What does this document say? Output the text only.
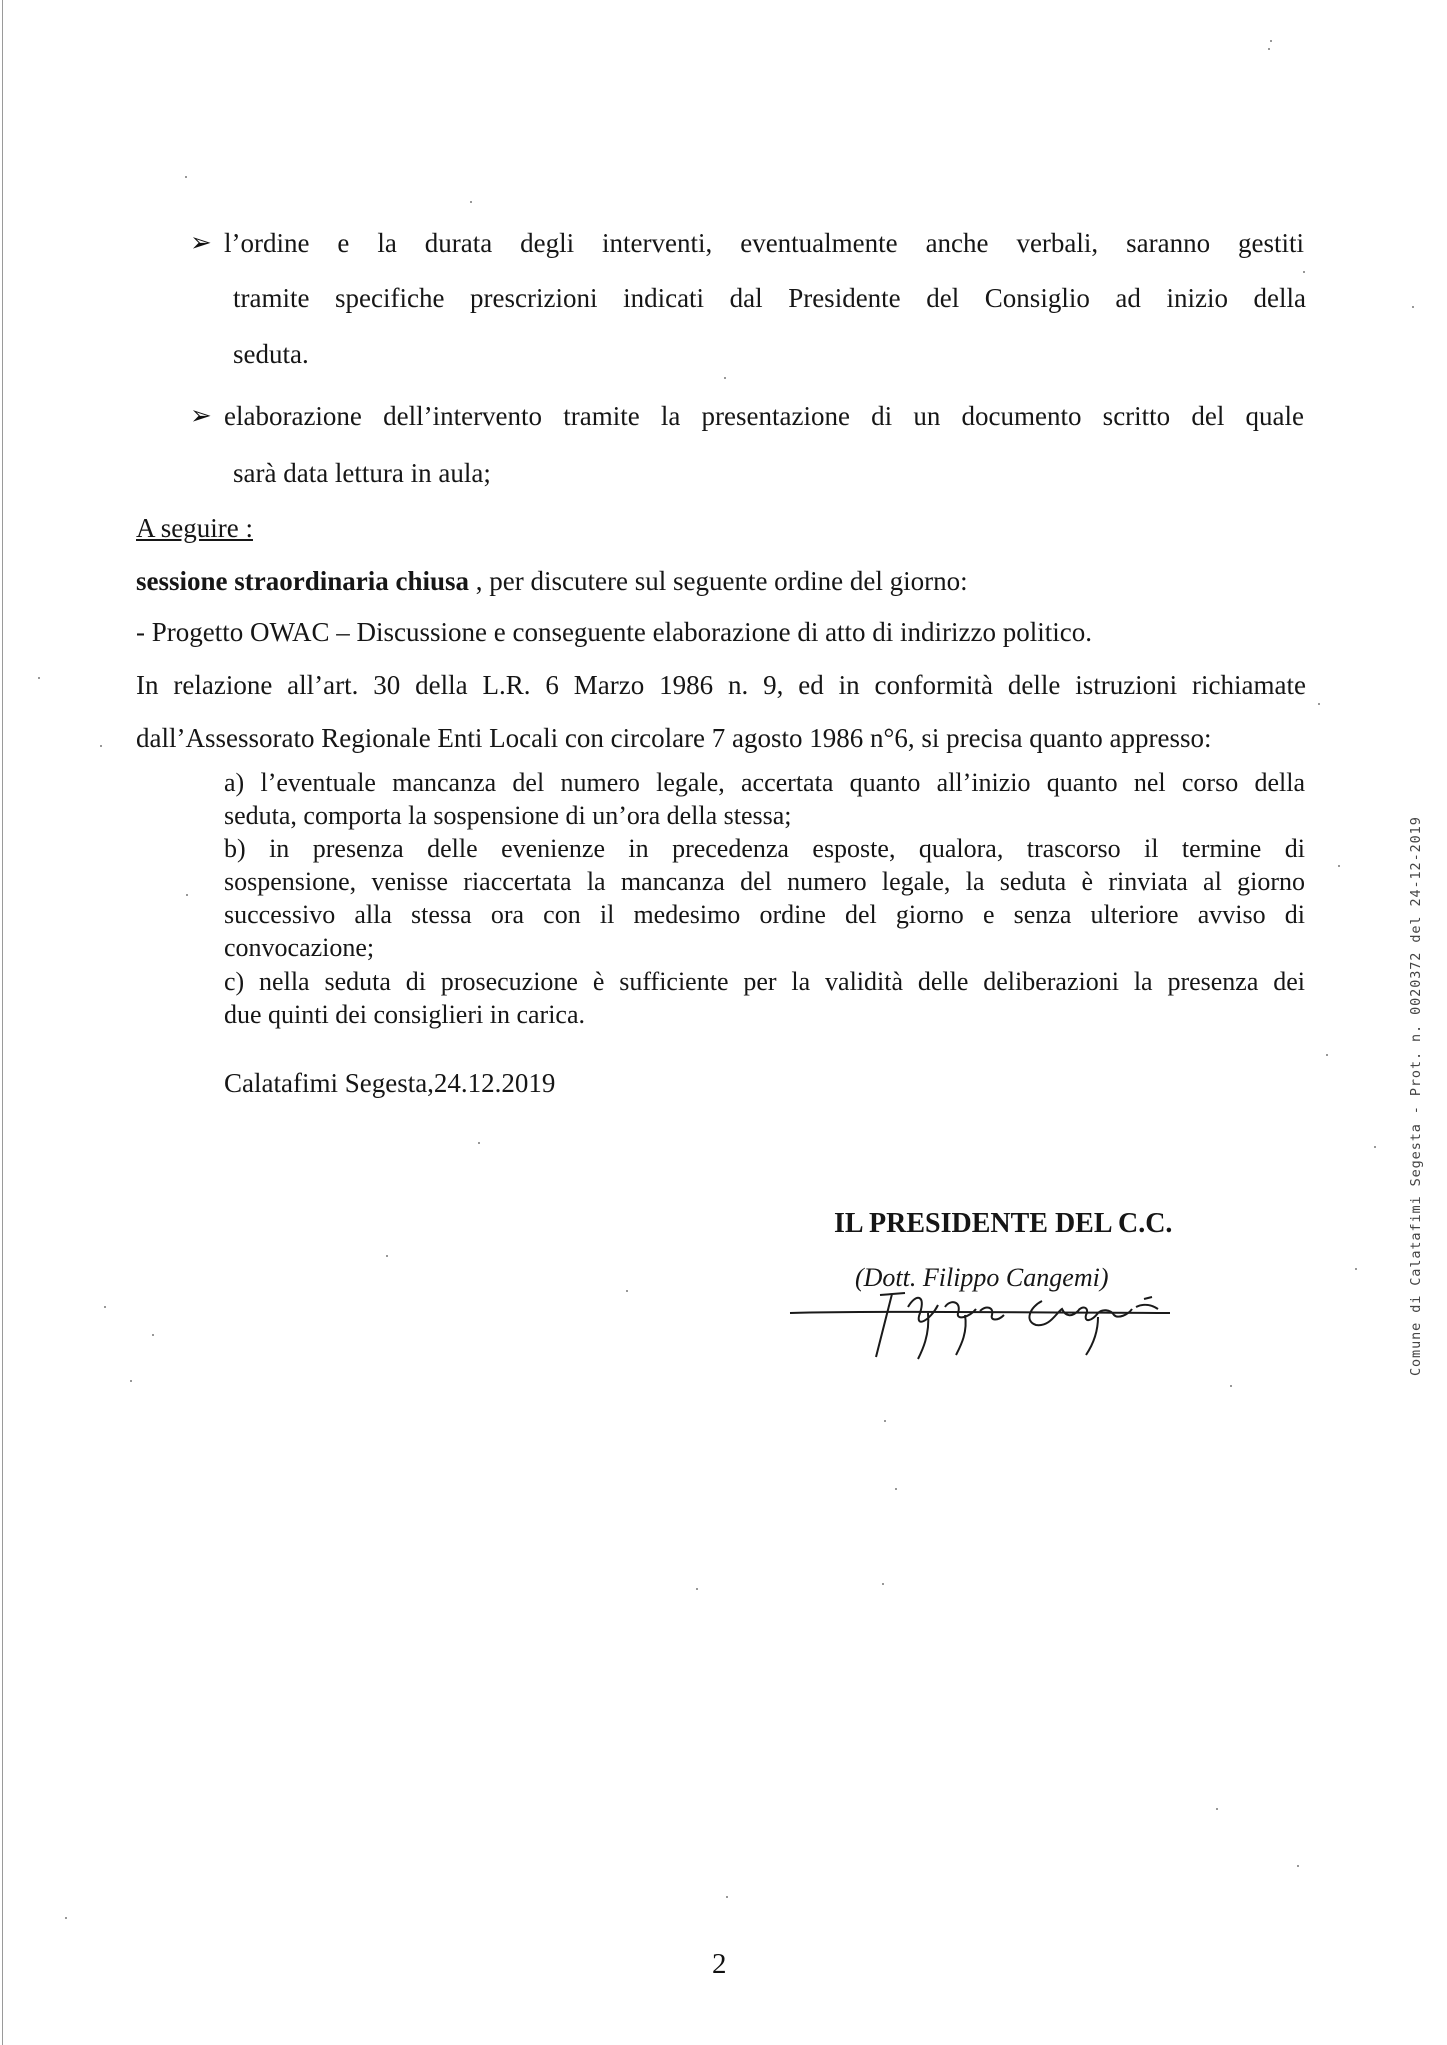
➢ l’ordine e la durata degli interventi, eventualmente anche verbali, saranno gestiti
tramite specifiche prescrizioni indicati dal Presidente del Consiglio ad inizio della
seduta.
➢ elaborazione dell’intervento tramite la presentazione di un documento scritto del quale
sarà data lettura in aula;
A seguire :
sessione straordinaria chiusa , per discutere sul seguente ordine del giorno:
- Progetto OWAC – Discussione e conseguente elaborazione di atto di indirizzo politico.
In relazione all’art. 30 della L.R. 6 Marzo 1986 n. 9, ed in conformità delle istruzioni richiamate
dall’Assessorato Regionale Enti Locali con circolare 7 agosto 1986 n°6, si precisa quanto appresso:
a) l’eventuale mancanza del numero legale, accertata quanto all’inizio quanto nel corso della
seduta, comporta la sospensione di un’ora della stessa;
b) in presenza delle evenienze in precedenza esposte, qualora, trascorso il termine di
sospensione, venisse riaccertata la mancanza del numero legale, la seduta è rinviata al giorno
successivo alla stessa ora con il medesimo ordine del giorno e senza ulteriore avviso di
convocazione;
c) nella seduta di prosecuzione è sufficiente per la validità delle deliberazioni la presenza dei
due quinti dei consiglieri in carica.
Calatafimi Segesta,24.12.2019
IL PRESIDENTE DEL C.C.
(Dott. Filippo Cangemi)	Comune di Calatafimi Segesta - Prot. n. 0020372 del 24-12-2019
2
